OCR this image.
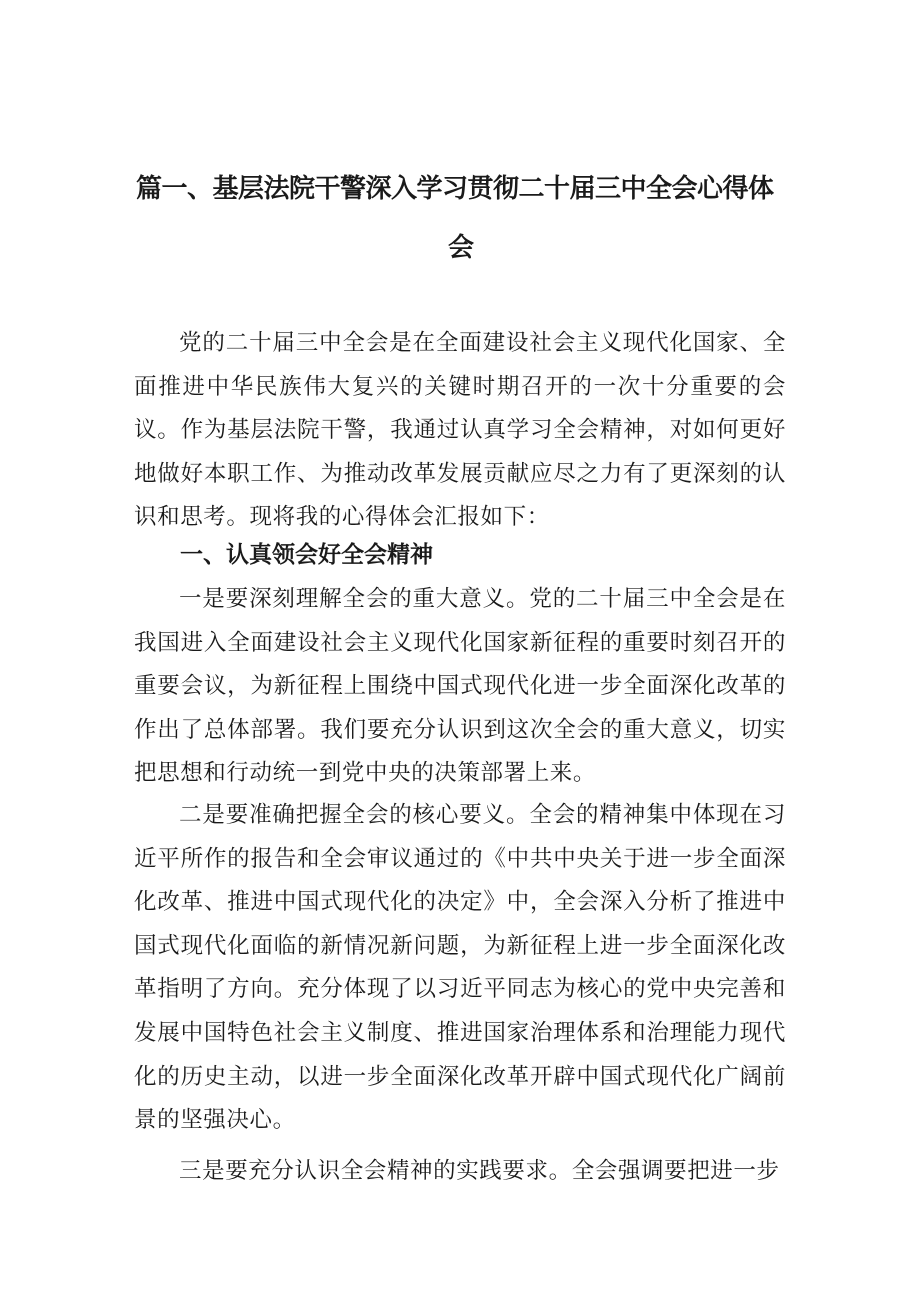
篇一、基层法院干警深入学习贯彻二十届三中全会心得体
会

党的二十届三中全会是在全面建设社会主义现代化国家、全面推进中华民族伟大复兴的关键时期召开的一次十分重要的会议。作为基层法院干警，我通过认真学习全会精神，对如何更好地做好本职工作、为推动改革发展贡献应尽之力有了更深刻的认识和思考。现将我的心得体会汇报如下：

一、认真领会好全会精神

一是要深刻理解全会的重大意义。党的二十届三中全会是在我国进入全面建设社会主义现代化国家新征程的重要时刻召开的重要会议，为新征程上围绕中国式现代化进一步全面深化改革的作出了总体部署。我们要充分认识到这次全会的重大意义，切实把思想和行动统一到党中央的决策部署上来。

二是要准确把握全会的核心要义。全会的精神集中体现在习近平所作的报告和全会审议通过的《中共中央关于进一步全面深化改革、推进中国式现代化的决定》中，全会深入分析了推进中国式现代化面临的新情况新问题，为新征程上进一步全面深化改革指明了方向。充分体现了以习近平同志为核心的党中央完善和发展中国特色社会主义制度、推进国家治理体系和治理能力现代化的历史主动，以进一步全面深化改革开辟中国式现代化广阔前景的坚强决心。

三是要充分认识全会精神的实践要求。全会强调要把进一步
